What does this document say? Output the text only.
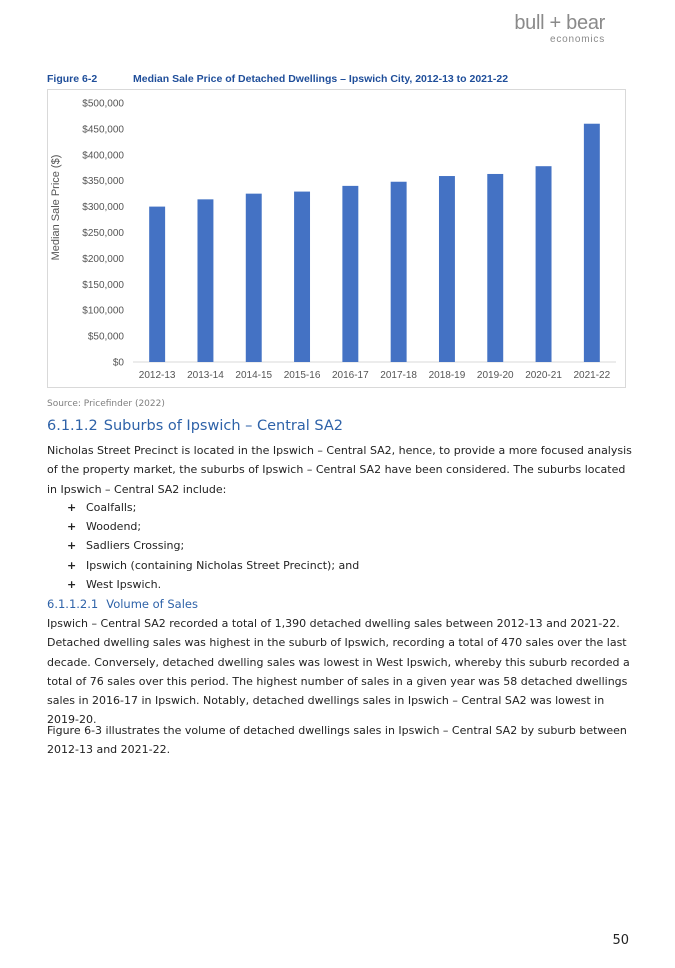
bull + bear
economics
Figure 6-2	Median Sale Price of Detached Dwellings – Ipswich City, 2012-13 to 2021-22
$0
$50,000
$100,000
$150,000
$200,000
$250,000
$300,000
$350,000
$400,000
$450,000
$500,000
2012-13 2013-14 2014-15 2015-16 2016-17 2017-18 2018-19 2019-20 2020-21 2021-22
Median Sale Price ($)
Source: Pricefinder (2022)
6.1.1.2 Suburbs of Ipswich – Central SA2

Nicholas Street Precinct is located in the Ipswich – Central SA2, hence, to provide a more focused analysis of the property market, the suburbs of Ipswich – Central SA2 have been considered. The suburbs located in Ipswich – Central SA2 include:

+ Coalfalls;
+ Woodend;
+ Sadliers Crossing;
+ Ipswich (containing Nicholas Street Precinct); and
+ West Ipswich.
6.1.1.2.1 Volume of Sales

Ipswich – Central SA2 recorded a total of 1,390 detached dwelling sales between 2012-13 and 2021-22. Detached dwelling sales was highest in the suburb of Ipswich, recording a total of 470 sales over the last decade. Conversely, detached dwelling sales was lowest in West Ipswich, whereby this suburb recorded a total of 76 sales over this period. The highest number of sales in a given year was 58 detached dwellings sales in 2016-17 in Ipswich. Notably, detached dwellings sales in Ipswich – Central SA2 was lowest in 2019-20.

Figure 6-3 illustrates the volume of detached dwellings sales in Ipswich – Central SA2 by suburb between 2012-13 and 2021-22.

50
